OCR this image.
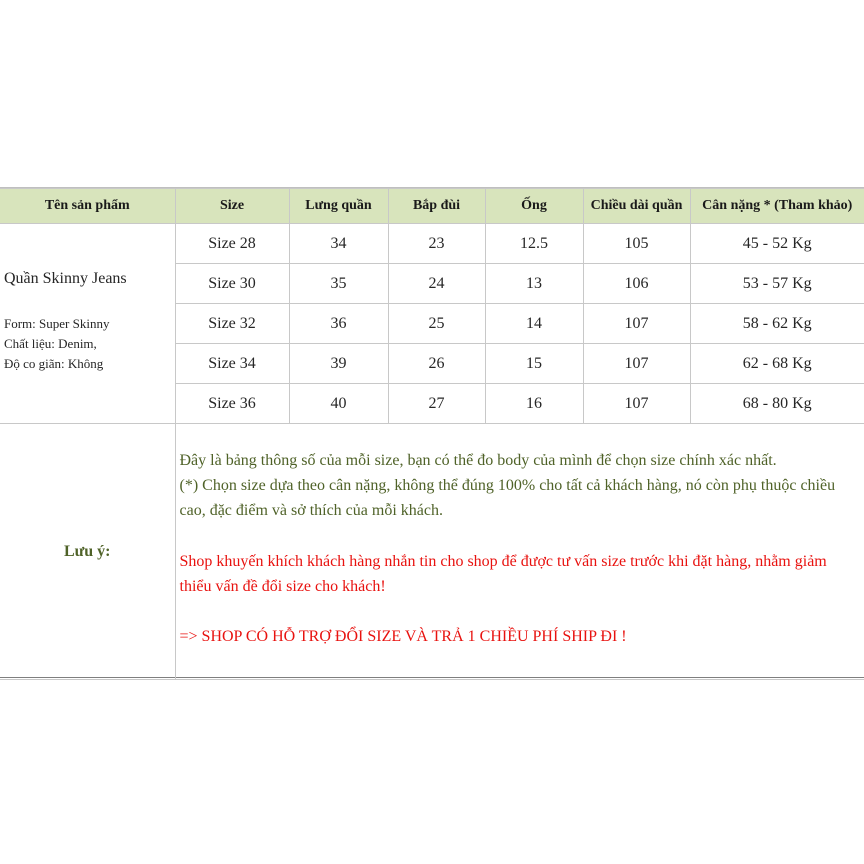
Tên sản phẩm	Size	Lưng quần	Bắp đùi	Ống	Chiều dài quần	Cân nặng * (Tham khảo)

Quần Skinny Jeans
Form: Super Skinny
Chất liệu: Denim,
Độ co giãn: Không	Size 28	34	23	12.5	105	45 - 52 Kg
	Size 30	35	24	13	106	53 - 57 Kg
	Size 32	36	25	14	107	58 - 62 Kg
	Size 34	39	26	15	107	62 - 68 Kg
	Size 36	40	27	16	107	68 - 80 Kg
Lưu ý:	Đây là bảng thông số của mỗi size, bạn có thể đo body của mình để chọn size chính xác nhất.
(*) Chọn size dựa theo cân nặng, không thể đúng 100% cho tất cả khách hàng, nó còn phụ thuộc chiều cao, đặc điểm và sở thích của mỗi khách.
Shop khuyến khích khách hàng nhắn tin cho shop để được tư vấn size trước khi đặt hàng, nhằm giảm thiểu vấn đề đổi size cho khách!
=> SHOP CÓ HỖ TRỢ ĐỔI SIZE VÀ TRẢ 1 CHIỀU PHÍ SHIP ĐI !					
